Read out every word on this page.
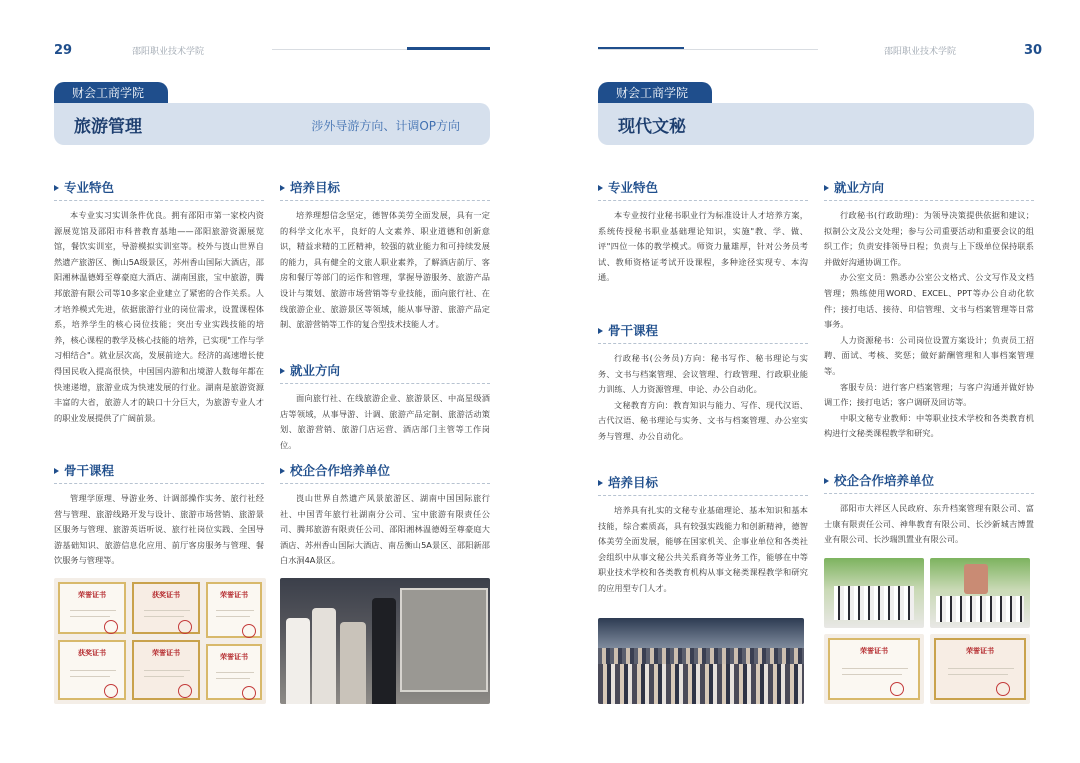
29	邵阳职业技术学院
财会工商学院
旅游管理	涉外导游方向、计调OP方向
专业特色

本专业实习实训条件优良。拥有邵阳市第一家校内资源展览馆及邵阳市科普教育基地——邵阳旅游资源展览馆，餐饮实训室，导游模拟实训室等。校外与崀山世界自然遗产旅游区、衡山5A级景区，苏州香山国际大酒店，邵阳湘林温德姆至尊豪庭大酒店、湖南国旅，宝中旅游，腾邦旅游有限公司等10多家企业建立了紧密的合作关系。人才培养模式先进，依据旅游行业的岗位需求，设置课程体系，培养学生的核心岗位技能；突出专业实践技能的培养，核心课程的教学及核心技能的培养，已实现"工作与学习相结合"。就业层次高，发展前途大。经济的高速增长使得国民收入提高很快，中国国内游和出境游人数每年都在快速递增，旅游业成为快速发展的行业。湖南是旅游资源丰富的大省，旅游人才的缺口十分巨大，为旅游专业人才的职业发展提供了广阔前景。

骨干课程

管理学原理、导游业务、计调部操作实务、旅行社经营与管理、旅游线路开发与设计、旅游市场营销、旅游景区服务与管理、旅游英语听说、旅行社岗位实践、全国导游基础知识、旅游信息化应用、前厅客房服务与管理、餐饮服务与管理等。

培养目标

培养理想信念坚定，德智体美劳全面发展，具有一定的科学文化水平，良好的人文素养、职业道德和创新意识，精益求精的工匠精神，较强的就业能力和可持续发展的能力，具有健全的文旅人职业素养，了解酒店前厅、客房和餐厅等部门的运作和管理，掌握导游服务、旅游产品设计与策划、旅游市场营销等专业技能，面向旅行社、在线旅游企业、旅游景区等领域，能从事导游、旅游产品定制、旅游营销等工作的复合型技术技能人才。

就业方向

面向旅行社、在线旅游企业、旅游景区、中高星级酒店等领域，从事导游、计调、旅游产品定制、旅游活动策划、旅游营销、旅游门店运营、酒店部门主管等工作岗位。

校企合作培养单位

崀山世界自然遗产风景旅游区、湖南中国国际旅行社、中国青年旅行社湖南分公司、宝中旅游有限责任公司、腾邦旅游有限责任公司、邵阳湘林温德姆至尊豪庭大酒店、苏州香山国际大酒店、南岳衡山5A景区、邵阳新邵白水洞4A景区。

荣誉证书	获奖证书	荣誉证书
获奖证书	荣誉证书	荣誉证书
邵阳职业技术学院	30
财会工商学院
现代文秘
专业特色

本专业按行业秘书职业行为标准设计人才培养方案，系统传授秘书职业基础理论知识，实施"教、学、做、评"四位一体的教学模式。师资力量雄厚，针对公务员考试、教师资格证考试开设课程，多种途径实现专、本沟通。

骨干课程

行政秘书(公务员)方向：秘书写作、秘书理论与实务、文书与档案管理、会议管理、行政管理、行政职业能力训练、人力资源管理、申论、办公自动化。

文秘教育方向：教育知识与能力、写作、现代汉语、古代汉语、秘书理论与实务、文书与档案管理、办公室实务与管理、办公自动化。

培养目标

培养具有扎实的文秘专业基础理论、基本知识和基本技能，综合素质高，具有较强实践能力和创新精神，德智体美劳全面发展，能够在国家机关、企事业单位和各类社会组织中从事文秘公共关系商务等业务工作，能够在中等职业技术学校和各类教育机构从事文秘类课程教学和研究的应用型专门人才。

就业方向

行政秘书(行政助理)：为领导决策提供依据和建议；拟制公文及公文处理；参与公司重要活动和重要会议的组织工作；负责安排领导日程；负责与上下级单位保持联系并做好沟通协调工作。

办公室文员：熟悉办公室公文格式、公文写作及文档管理；熟练使用WORD、EXCEL、PPT等办公自动化软件；接打电话、接待、印信管理、文书与档案管理等日常事务。

人力资源秘书：公司岗位设置方案设计；负责员工招聘、面试、考核、奖惩；做好薪酬管理和人事档案管理等。

客服专员：进行客户档案管理；与客户沟通并做好协调工作；接打电话；客户调研及回访等。

中职文秘专业教师：中等职业技术学校和各类教育机构进行文秘类课程教学和研究。

校企合作培养单位

邵阳市大祥区人民政府、东升档案管理有限公司、富士康有限责任公司、神隼教育有限公司、长沙新城吉博置业有限公司、长沙瑞凯置业有限公司。

荣誉证书	荣誉证书
